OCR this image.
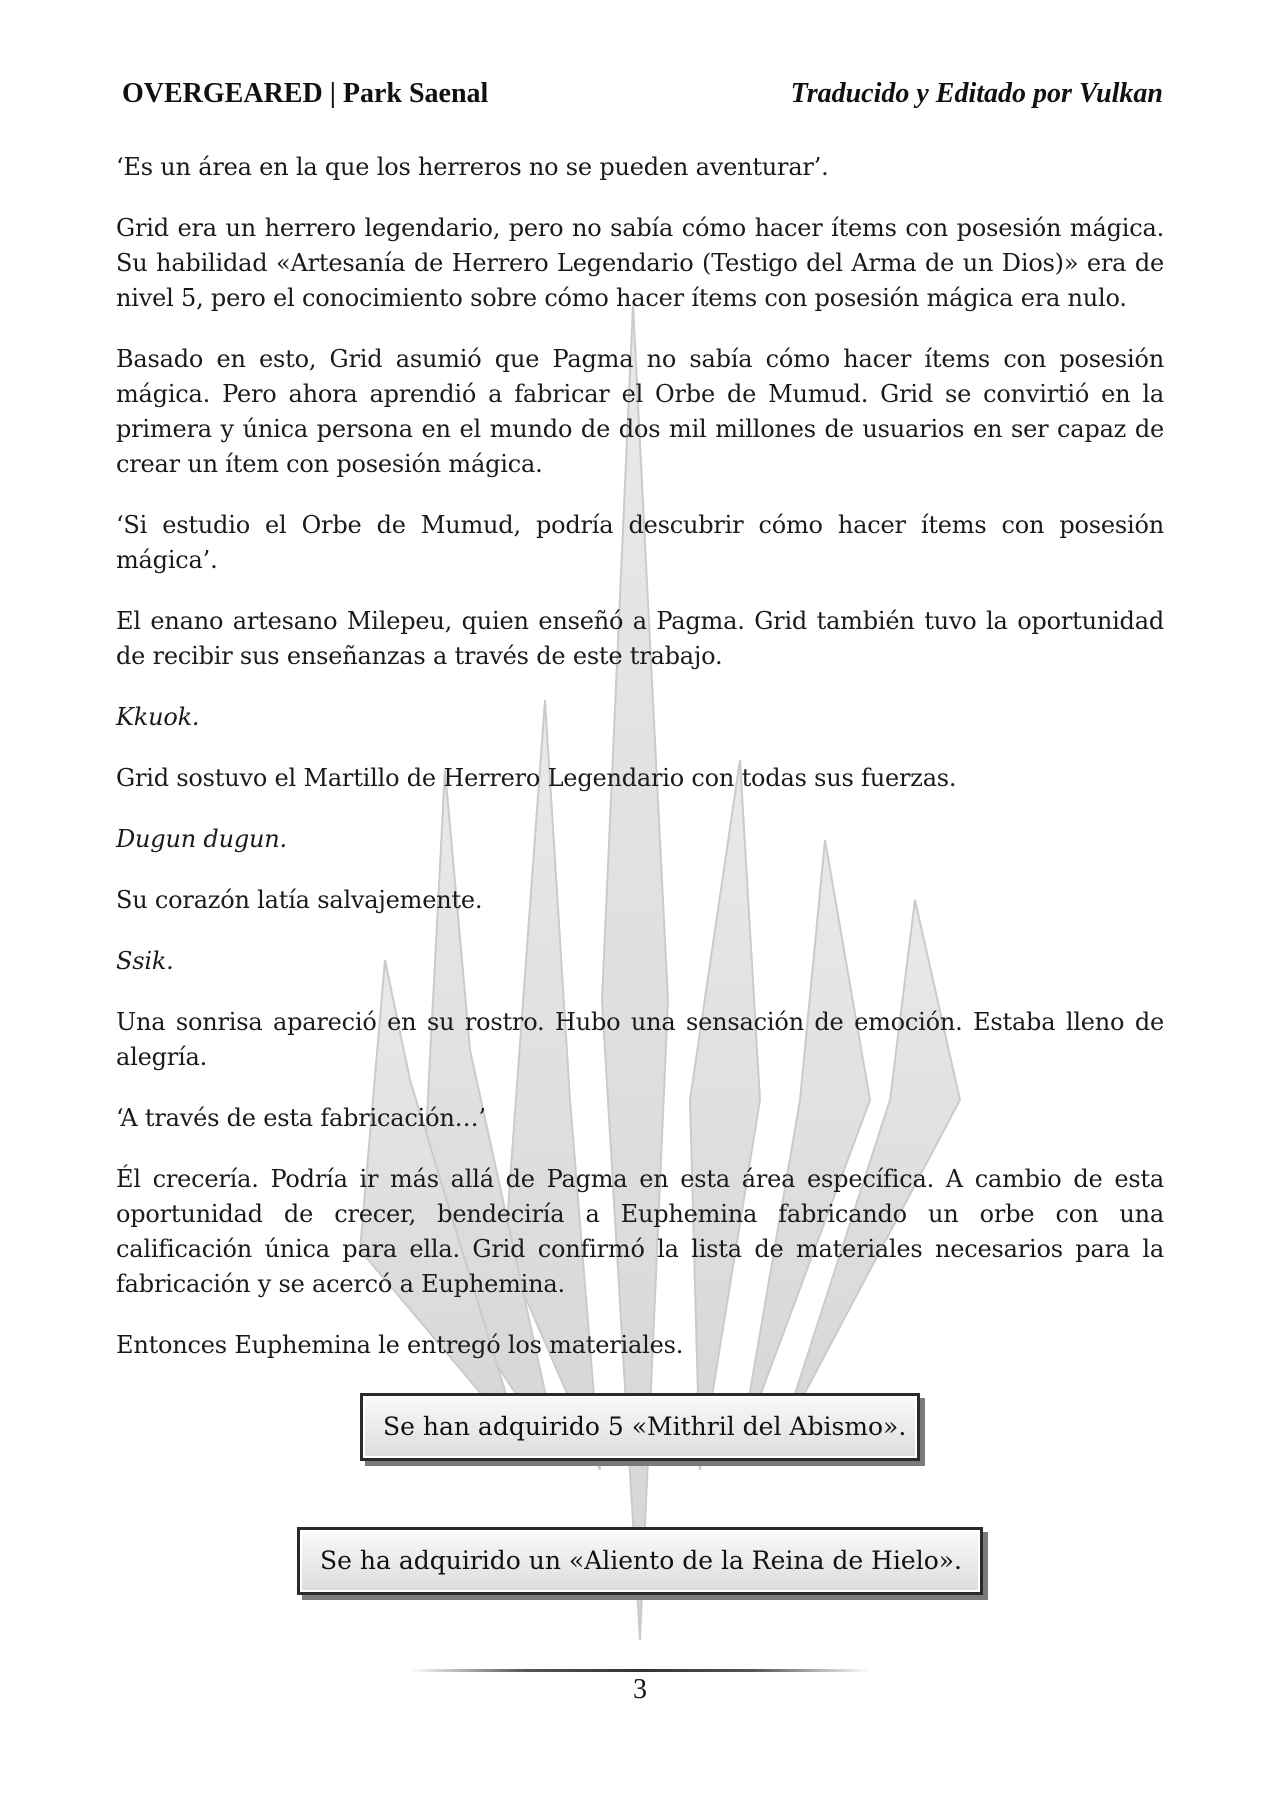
OVERGEARED | Park Saenal	Traducido y Editado por Vulkan

‘Es un área en la que los herreros no se pueden aventurar’.

Grid era un herrero legendario, pero no sabía cómo hacer ítems con posesión mágica. Su habilidad «Artesanía de Herrero Legendario (Testigo del Arma de un Dios)» era de nivel 5, pero el conocimiento sobre cómo hacer ítems con posesión mágica era nulo.

Basado en esto, Grid asumió que Pagma no sabía cómo hacer ítems con posesión mágica. Pero ahora aprendió a fabricar el Orbe de Mumud. Grid se convirtió en la primera y única persona en el mundo de dos mil millones de usuarios en ser capaz de crear un ítem con posesión mágica.

‘Si estudio el Orbe de Mumud, podría descubrir cómo hacer ítems con posesión mágica’.

El enano artesano Milepeu, quien enseñó a Pagma. Grid también tuvo la oportunidad de recibir sus enseñanzas a través de este trabajo.

Kkuok.

Grid sostuvo el Martillo de Herrero Legendario con todas sus fuerzas.

Dugun dugun.

Su corazón latía salvajemente.

Ssik.

Una sonrisa apareció en su rostro. Hubo una sensación de emoción. Estaba lleno de alegría.

‘A través de esta fabricación…’

Él crecería. Podría ir más allá de Pagma en esta área específica. A cambio de esta oportunidad de crecer, bendeciría a Euphemina fabricando un orbe con una calificación única para ella. Grid confirmó la lista de materiales necesarios para la fabricación y se acercó a Euphemina.

Entonces Euphemina le entregó los materiales.

Se han adquirido 5 «Mithril del Abismo».
Se ha adquirido un «Aliento de la Reina de Hielo».
3
